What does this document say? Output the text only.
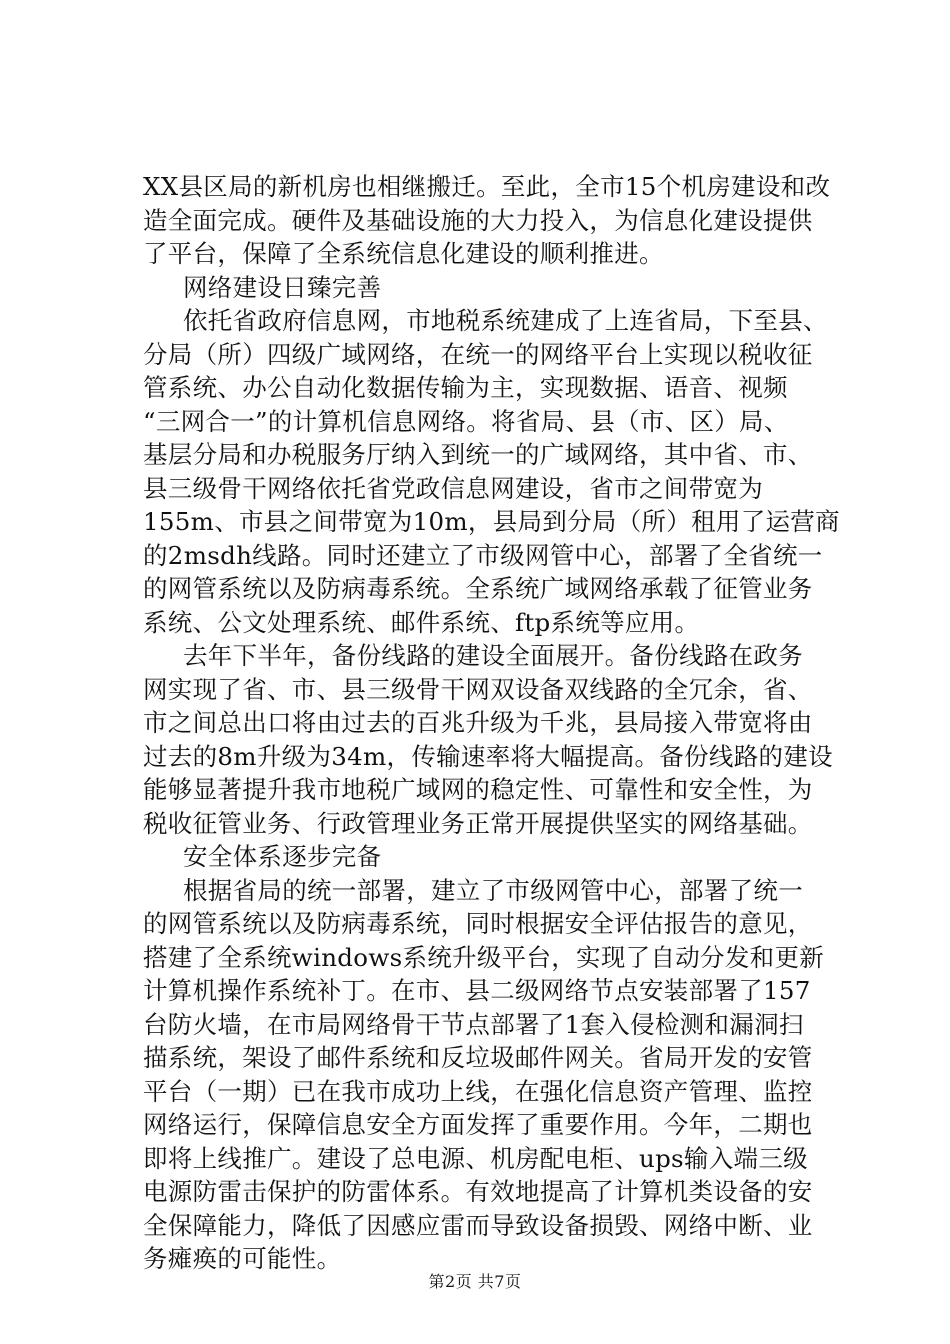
XX县区局的新机房也相继搬迁。至此，全市15个机房建设和改
造全面完成。硬件及基础设施的大力投入，为信息化建设提供
了平台，保障了全系统信息化建设的顺利推进。
网络建设日臻完善
依托省政府信息网，市地税系统建成了上连省局，下至县、
分局（所）四级广域网络，在统一的网络平台上实现以税收征
管系统、办公自动化数据传输为主，实现数据、语音、视频
“三网合一”的计算机信息网络。将省局、县（市、区）局、
基层分局和办税服务厅纳入到统一的广域网络，其中省、市、
县三级骨干网络依托省党政信息网建设，省市之间带宽为
155m、市县之间带宽为10m，县局到分局（所）租用了运营商
的2msdh线路。同时还建立了市级网管中心，部署了全省统一
的网管系统以及防病毒系统。全系统广域网络承载了征管业务
系统、公文处理系统、邮件系统、ftp系统等应用。
去年下半年，备份线路的建设全面展开。备份线路在政务
网实现了省、市、县三级骨干网双设备双线路的全冗余，省、
市之间总出口将由过去的百兆升级为千兆，县局接入带宽将由
过去的8m升级为34m，传输速率将大幅提高。备份线路的建设
能够显著提升我市地税广域网的稳定性、可靠性和安全性，为
税收征管业务、行政管理业务正常开展提供坚实的网络基础。
安全体系逐步完备
根据省局的统一部署，建立了市级网管中心，部署了统一
的网管系统以及防病毒系统，同时根据安全评估报告的意见，
搭建了全系统windows系统升级平台，实现了自动分发和更新
计算机操作系统补丁。在市、县二级网络节点安装部署了157
台防火墙，在市局网络骨干节点部署了1套入侵检测和漏洞扫
描系统，架设了邮件系统和反垃圾邮件网关。省局开发的安管
平台（一期）已在我市成功上线，在强化信息资产管理、监控
网络运行，保障信息安全方面发挥了重要作用。今年，二期也
即将上线推广。建设了总电源、机房配电柜、ups输入端三级
电源防雷击保护的防雷体系。有效地提高了计算机类设备的安
全保障能力，降低了因感应雷而导致设备损毁、网络中断、业
务瘫痪的可能性。
第2页 共7页
